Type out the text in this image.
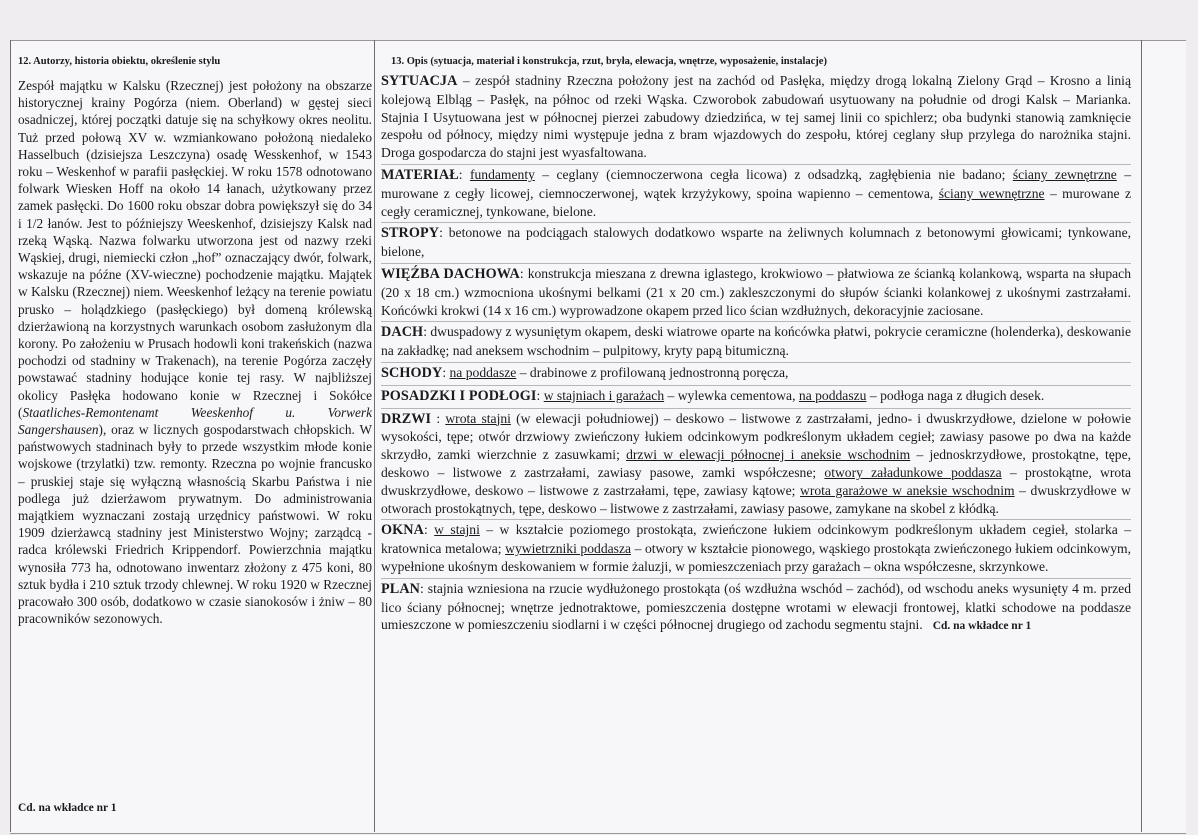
12. Autorzy, historia obiektu, określenie stylu

Zespół majątku w Kalsku (Rzecznej) jest położony na obszarze historycznej krainy Pogórza (niem. Oberland) w gęstej sieci osadniczej, której początki datuje się na schyłkowy okres neolitu. Tuż przed połową XV w. wzmiankowano położoną niedaleko Hasselbuch (dzisiejsza Leszczyna) osadę Wesskenhof, w 1543 roku – Weskenhof w parafii pasłęckiej. W roku 1578 odnotowano folwark Wiesken Hoff na około 14 łanach, użytkowany przez zamek pasłęcki. Do 1600 roku obszar dobra powiększył się do 34 i 1/2 łanów. Jest to późniejszy Weeskenhof, dzisiejszy Kalsk nad rzeką Wąską. Nazwa folwarku utworzona jest od nazwy rzeki Wąskiej, drugi, niemiecki człon „hof” oznaczający dwór, folwark, wskazuje na późne (XV-wieczne) pochodzenie majątku. Majątek w Kalsku (Rzecznej) niem. Weeskenhof leżący na terenie powiatu prusko – holądzkiego (pasłęckiego) był domeną królewską dzierżawioną na korzystnych warunkach osobom zasłużonym dla korony. Po założeniu w Prusach hodowli koni trakeńskich (nazwa pochodzi od stadniny w Trakenach), na terenie Pogórza zaczęły powstawać stadniny hodujące konie tej rasy. W najbliższej okolicy Pasłęka hodowano konie w Rzecznej i Sokółce (Staatliches-Remontenamt Weeskenhof u. Vorwerk Sangershausen), oraz w licznych gospodarstwach chłopskich. W państwowych stadninach były to przede wszystkim młode konie wojskowe (trzylatki) tzw. remonty. Rzeczna po wojnie francusko – pruskiej staje się wyłączną własnością Skarbu Państwa i nie podlega już dzierżawom prywatnym. Do administrowania majątkiem wyznaczani zostają urzędnicy państwowi. W roku 1909 dzierżawcą stadniny jest Ministerstwo Wojny; zarządcą - radca królewski Friedrich Krippendorf. Powierzchnia majątku wynosiła 773 ha, odnotowano inwentarz złożony z 475 koni, 80 sztuk bydła i 210 sztuk trzody chlewnej. W roku 1920 w Rzecznej pracowało 300 osób, dodatkowo w czasie sianokosów i żniw – 80 pracowników sezonowych.

Cd. na wkładce nr 1
13. Opis (sytuacja, materiał i konstrukcja, rzut, bryła, elewacja, wnętrze, wyposażenie, instalacje)

SYTUACJA – zespół stadniny Rzeczna położony jest na zachód od Pasłęka, między drogą lokalną Zielony Grąd – Krosno a linią kolejową Elbląg – Pasłęk, na północ od rzeki Wąska. Czworobok zabudowań usytuowany na południe od drogi Kalsk – Marianka. Stajnia I Usytuowana jest w północnej pierzei zabudowy dziedzińca, w tej samej linii co spichlerz; oba budynki stanowią zamknięcie zespołu od północy, między nimi występuje jedna z bram wjazdowych do zespołu, której ceglany słup przylega do narożnika stajni. Droga gospodarcza do stajni jest wyasfaltowana.

MATERIAŁ: fundamenty – ceglany (ciemnoczerwona cegła licowa) z odsadzką, zagłębienia nie badano; ściany zewnętrzne – murowane z cegły licowej, ciemnoczerwonej, wątek krzyżykowy, spoina wapienno – cementowa, ściany wewnętrzne – murowane z cegły ceramicznej, tynkowane, bielone.

STROPY: betonowe na podciągach stalowych dodatkowo wsparte na żeliwnych kolumnach z betonowymi głowicami; tynkowane, bielone,

WIĘŹBA DACHOWA: konstrukcja mieszana z drewna iglastego, krokwiowo – płatwiowa ze ścianką kolankową, wsparta na słupach (20 x 18 cm.) wzmocniona ukośnymi belkami (21 x 20 cm.) zakleszczonymi do słupów ścianki kolankowej z ukośnymi zastrzałami. Końcówki krokwi (14 x 16 cm.) wyprowadzone okapem przed lico ścian wzdłużnych, dekoracyjnie zaciosane.

DACH: dwuspadowy z wysuniętym okapem, deski wiatrowe oparte na końcówka płatwi, pokrycie ceramiczne (holenderka), deskowanie na zakładkę; nad aneksem wschodnim – pulpitowy, kryty papą bitumiczną.

SCHODY: na poddasze – drabinowe z profilowaną jednostronną poręcza,

POSADZKI I PODŁOGI: w stajniach i garażach – wylewka cementowa, na poddaszu – podłoga naga z długich desek.

DRZWI : wrota stajni (w elewacji południowej) – deskowo – listwowe z zastrzałami, jedno- i dwuskrzydłowe, dzielone w połowie wysokości, tępe; otwór drzwiowy zwieńczony łukiem odcinkowym podkreślonym układem cegieł; zawiasy pasowe po dwa na każde skrzydło, zamki wierzchnie z zasuwkami; drzwi w elewacji północnej i aneksie wschodnim – jednoskrzydłowe, prostokątne, tępe, deskowo – listwowe z zastrzałami, zawiasy pasowe, zamki współczesne; otwory załadunkowe poddasza – prostokątne, wrota dwuskrzydłowe, deskowo – listwowe z zastrzałami, tępe, zawiasy kątowe; wrota garażowe w aneksie wschodnim – dwuskrzydłowe w otworach prostokątnych, tępe, deskowo – listwowe z zastrzałami, zawiasy pasowe, zamykane na skobel z kłódką.

OKNA: w stajni – w kształcie poziomego prostokąta, zwieńczone łukiem odcinkowym podkreślonym układem cegieł, stolarka – kratownica metalowa; wywietrzniki poddasza – otwory w kształcie pionowego, wąskiego prostokąta zwieńczonego łukiem odcinkowym, wypełnione ukośnym deskowaniem w formie żaluzji, w pomieszczeniach przy garażach – okna współczesne, skrzynkowe.

PLAN: stajnia wzniesiona na rzucie wydłużonego prostokąta (oś wzdłużna wschód – zachód), od wschodu aneks wysunięty 4 m. przed lico ściany północnej; wnętrze jednotraktowe, pomieszczenia dostępne wrotami w elewacji frontowej, klatki schodowe na poddasze umieszczone w pomieszczeniu siodlarni i w części północnej drugiego od zachodu segmentu stajni. Cd. na wkładce nr 1
